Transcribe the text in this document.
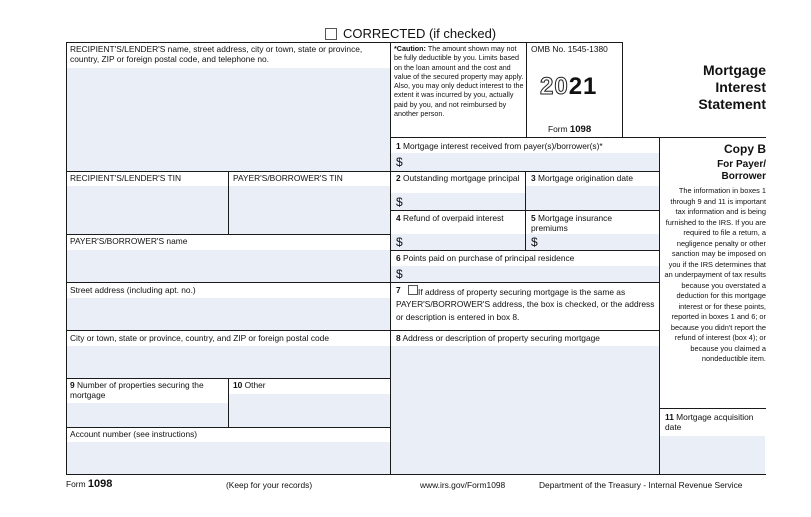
CORRECTED (if checked)
RECIPIENT'S/LENDER'S name, street address, city or town, state or province, country, ZIP or foreign postal code, and telephone no.
RECIPIENT'S/LENDER'S TIN	PAYER'S/BORROWER'S TIN
PAYER'S/BORROWER'S name
Street address (including apt. no.)
City or town, state or province, country, and ZIP or foreign postal code
9 Number of properties securing the mortgage
10 Other
Account number (see instructions)
*Caution: The amount shown may not be fully deductible by you. Limits based on the loan amount and the cost and value of the secured property may apply. Also, you may only deduct interest to the extent it was incurred by you, actually paid by you, and not reimbursed by another person.
OMB No. 1545-1380
2021
Form 1098
Mortgage
Interest
Statement
1 Mortgage interest received from payer(s)/borrower(s)*
$
2 Outstanding mortgage principal
$
3 Mortgage origination date
4 Refund of overpaid interest
$
5 Mortgage insurance premiums
$
6 Points paid on purchase of principal residence
$
7	If address of property securing mortgage is the same as PAYER'S/BORROWER'S address, the box is checked, or the address or description is entered in box 8.
8 Address or description of property securing mortgage
Copy B
For Payer/
Borrower
The information in boxes 1 through 9 and 11 is important tax information and is being furnished to the IRS. If you are required to file a return, a negligence penalty or other sanction may be imposed on you if the IRS determines that an underpayment of tax results because you overstated a deduction for this mortgage interest or for these points, reported in boxes 1 and 6; or because you didn't report the refund of interest (box 4); or because you claimed a nondeductible item.
11 Mortgage acquisition date
Form 1098	(Keep for your records)	www.irs.gov/Form1098	Department of the Treasury - Internal Revenue Service
